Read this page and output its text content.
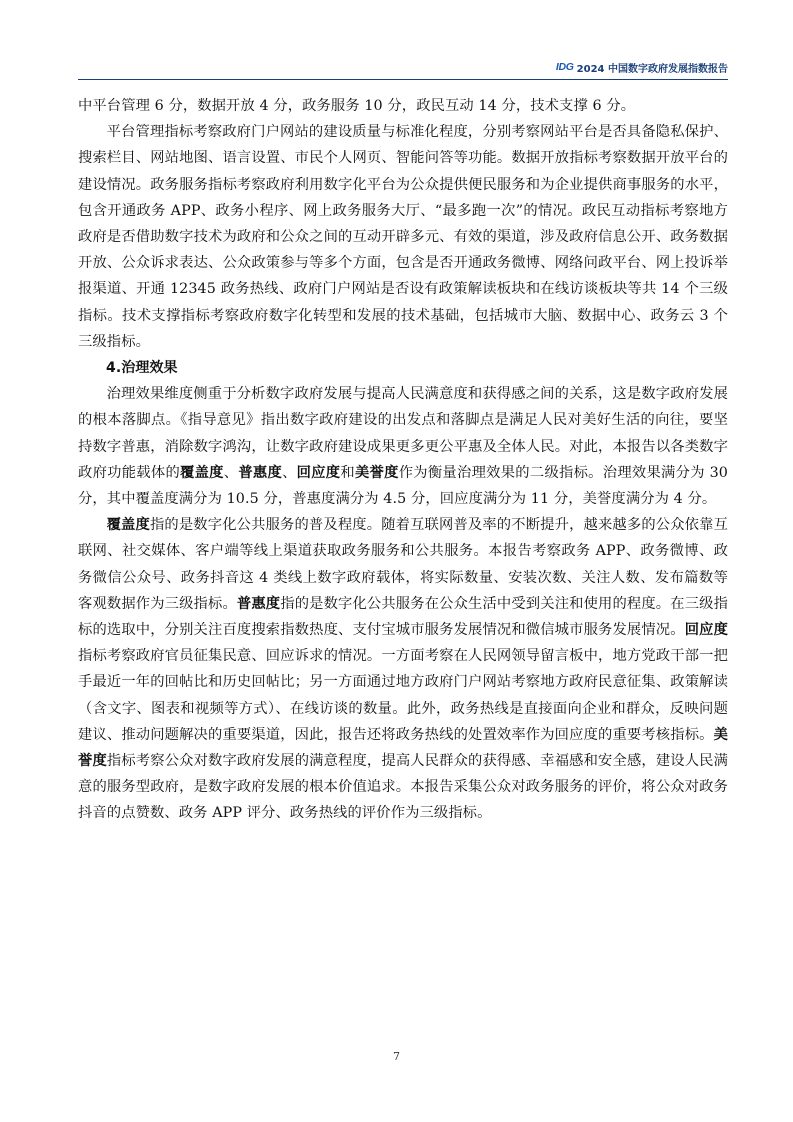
IDG 2024 中国数字政府发展指数报告

中平台管理 6 分，数据开放 4 分，政务服务 10 分，政民互动 14 分，技术支撑 6 分。

平台管理指标考察政府门户网站的建设质量与标准化程度，分别考察网站平台是否具备隐私保护、搜索栏目、网站地图、语言设置、市民个人网页、智能问答等功能。数据开放指标考察数据开放平台的建设情况。政务服务指标考察政府利用数字化平台为公众提供便民服务和为企业提供商事服务的水平，包含开通政务 APP、政务小程序、网上政务服务大厅、“最多跑一次”的情况。政民互动指标考察地方政府是否借助数字技术为政府和公众之间的互动开辟多元、有效的渠道，涉及政府信息公开、政务数据开放、公众诉求表达、公众政策参与等多个方面，包含是否开通政务微博、网络问政平台、网上投诉举报渠道、开通 12345 政务热线、政府门户网站是否设有政策解读板块和在线访谈板块等共 14 个三级指标。技术支撑指标考察政府数字化转型和发展的技术基础，包括城市大脑、数据中心、政务云 3 个三级指标。

4.治理效果

治理效果维度侧重于分析数字政府发展与提高人民满意度和获得感之间的关系，这是数字政府发展的根本落脚点。《指导意见》指出数字政府建设的出发点和落脚点是满足人民对美好生活的向往，要坚持数字普惠，消除数字鸿沟，让数字政府建设成果更多更公平惠及全体人民。对此，本报告以各类数字政府功能载体的覆盖度、普惠度、回应度和美誉度作为衡量治理效果的二级指标。治理效果满分为 30 分，其中覆盖度满分为 10.5 分，普惠度满分为 4.5 分，回应度满分为 11 分，美誉度满分为 4 分。

覆盖度指的是数字化公共服务的普及程度。随着互联网普及率的不断提升，越来越多的公众依靠互联网、社交媒体、客户端等线上渠道获取政务服务和公共服务。本报告考察政务 APP、政务微博、政务微信公众号、政务抖音这 4 类线上数字政府载体，将实际数量、安装次数、关注人数、发布篇数等客观数据作为三级指标。普惠度指的是数字化公共服务在公众生活中受到关注和使用的程度。在三级指标的选取中，分别关注百度搜索指数热度、支付宝城市服务发展情况和微信城市服务发展情况。回应度指标考察政府官员征集民意、回应诉求的情况。一方面考察在人民网领导留言板中，地方党政干部一把手最近一年的回帖比和历史回帖比；另一方面通过地方政府门户网站考察地方政府民意征集、政策解读（含文字、图表和视频等方式）、在线访谈的数量。此外，政务热线是直接面向企业和群众，反映问题建议、推动问题解决的重要渠道，因此，报告还将政务热线的处置效率作为回应度的重要考核指标。美誉度指标考察公众对数字政府发展的满意程度，提高人民群众的获得感、幸福感和安全感，建设人民满意的服务型政府，是数字政府发展的根本价值追求。本报告采集公众对政务服务的评价，将公众对政务抖音的点赞数、政务 APP 评分、政务热线的评价作为三级指标。

7
